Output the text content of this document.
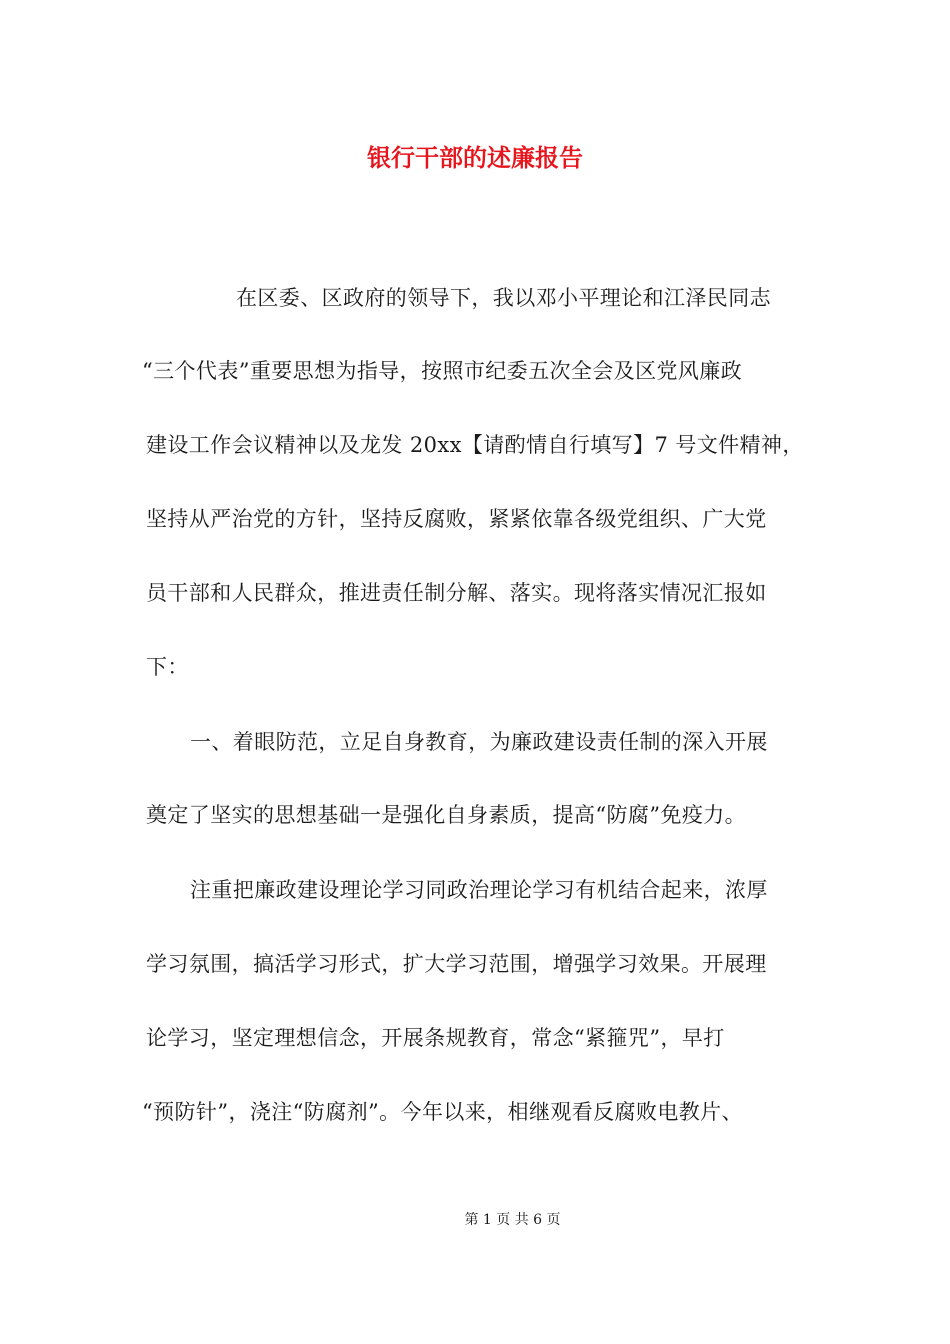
银行干部的述廉报告
在区委、区政府的领导下，我以邓小平理论和江泽民同志
“三个代表”重要思想为指导，按照市纪委五次全会及区党风廉政
建设工作会议精神以及龙发 20xx【请酌情自行填写】7 号文件精神，
坚持从严治党的方针，坚持反腐败，紧紧依靠各级党组织、广大党
员干部和人民群众，推进责任制分解、落实。现将落实情况汇报如
下：
一、着眼防范，立足自身教育，为廉政建设责任制的深入开展
奠定了坚实的思想基础一是强化自身素质，提高“防腐”免疫力。
注重把廉政建设理论学习同政治理论学习有机结合起来，浓厚
学习氛围，搞活学习形式，扩大学习范围，增强学习效果。开展理
论学习，坚定理想信念，开展条规教育，常念“紧箍咒”，早打
“预防针”，浇注“防腐剂”。今年以来，相继观看反腐败电教片、
第 1 页 共 6 页
